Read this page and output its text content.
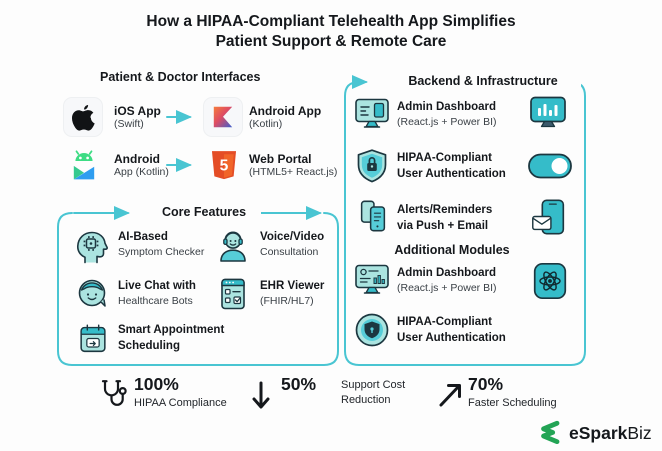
How a HIPAA-Compliant Telehealth App Simplifies
Patient Support & Remote Care
Patient & Doctor Interfaces
iOS App
(Swift)
Android App
(Kotlin)
Android
App (Kotlin)	5 Web Portal
(HTML5+ React.js)
Core Features
AI-Based
Symptom Checker
Voice/Video
Consultation
Live Chat with
Healthcare Bots
EHR Viewer
(FHIR/HL7)
Smart Appointment
Scheduling
Backend & Infrastructure
Admin Dashboard
(React.js + Power BI)
HIPAA-Compliant
User Authentication
Alerts/Reminders
via Push + Email
Additional Modules
Admin Dashboard
(React.js + Power BI)
HIPAA-Compliant
User Authentication
100%
HIPAA Compliance
50% Support Cost
Reduction
70%
Faster Scheduling
eSparkBiz
